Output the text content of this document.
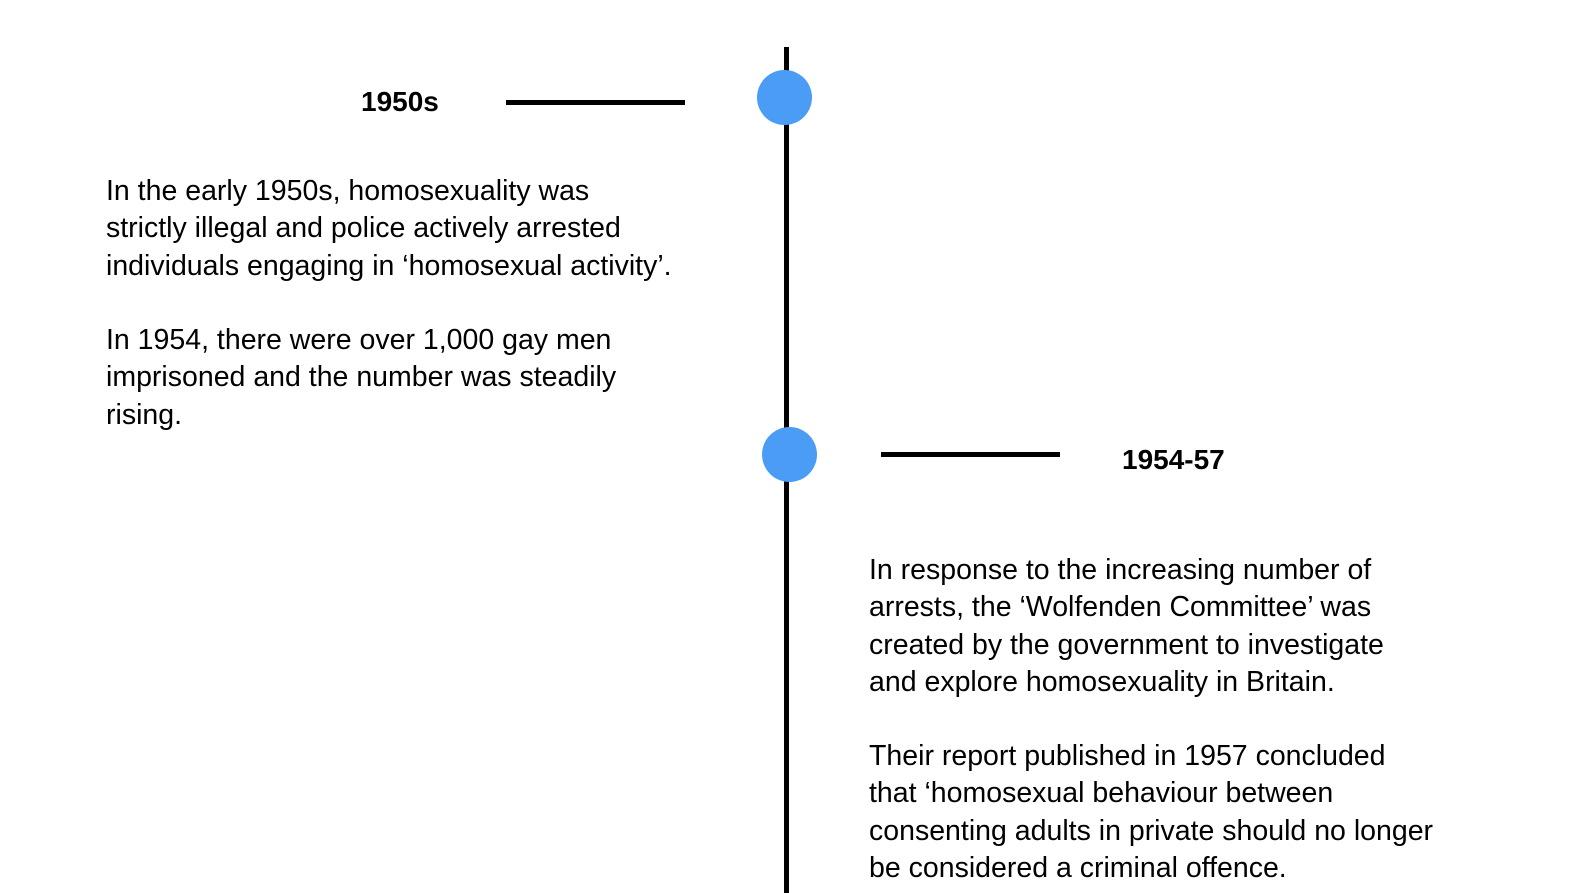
1950s

In the early 1950s, homosexuality was
strictly illegal and police actively arrested
individuals engaging in ‘homosexual activity’.

In 1954, there were over 1,000 gay men
imprisoned and the number was steadily
rising.

1954-57

In response to the increasing number of
arrests, the ‘Wolfenden Committee’ was
created by the government to investigate
and explore homosexuality in Britain.

Their report published in 1957 concluded
that ‘homosexual behaviour between
consenting adults in private should no longer
be considered a criminal offence.
